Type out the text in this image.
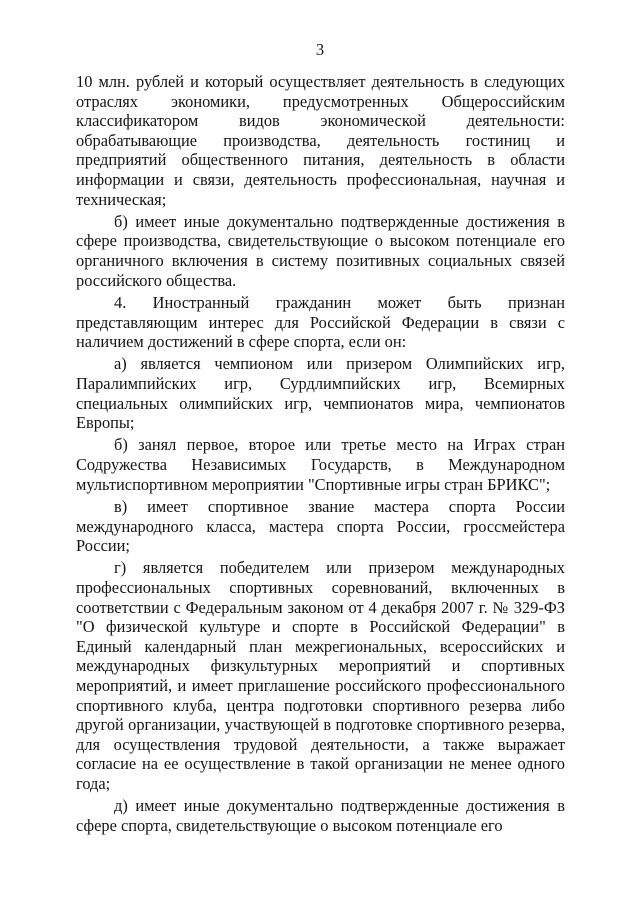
3

10 млн. рублей и который осуществляет деятельность в следующих отраслях экономики, предусмотренных Общероссийским классификатором видов экономической деятельности: обрабатывающие производства, деятельность гостиниц и предприятий общественного питания, деятельность в области информации и связи, деятельность профессиональная, научная и техническая;

б) имеет иные документально подтвержденные достижения в сфере производства, свидетельствующие о высоком потенциале его органичного включения в систему позитивных социальных связей российского общества.

4. Иностранный гражданин может быть признан представляющим интерес для Российской Федерации в связи с наличием достижений в сфере спорта, если он:

а) является чемпионом или призером Олимпийских игр, Паралимпийских игр, Сурдлимпийских игр, Всемирных специальных олимпийских игр, чемпионатов мира, чемпионатов Европы;

б) занял первое, второе или третье место на Играх стран Содружества Независимых Государств, в Международном мультиспортивном мероприятии "Спортивные игры стран БРИКС";

в) имеет спортивное звание мастера спорта России международного класса, мастера спорта России, гроссмейстера России;

г) является победителем или призером международных профессиональных спортивных соревнований, включенных в соответствии с Федеральным законом от 4 декабря 2007 г. № 329-ФЗ "О физической культуре и спорте в Российской Федерации" в Единый календарный план межрегиональных, всероссийских и международных физкультурных мероприятий и спортивных мероприятий, и имеет приглашение российского профессионального спортивного клуба, центра подготовки спортивного резерва либо другой организации, участвующей в подготовке спортивного резерва, для осуществления трудовой деятельности, а также выражает согласие на ее осуществление в такой организации не менее одного года;

д) имеет иные документально подтвержденные достижения в сфере спорта, свидетельствующие о высоком потенциале его
